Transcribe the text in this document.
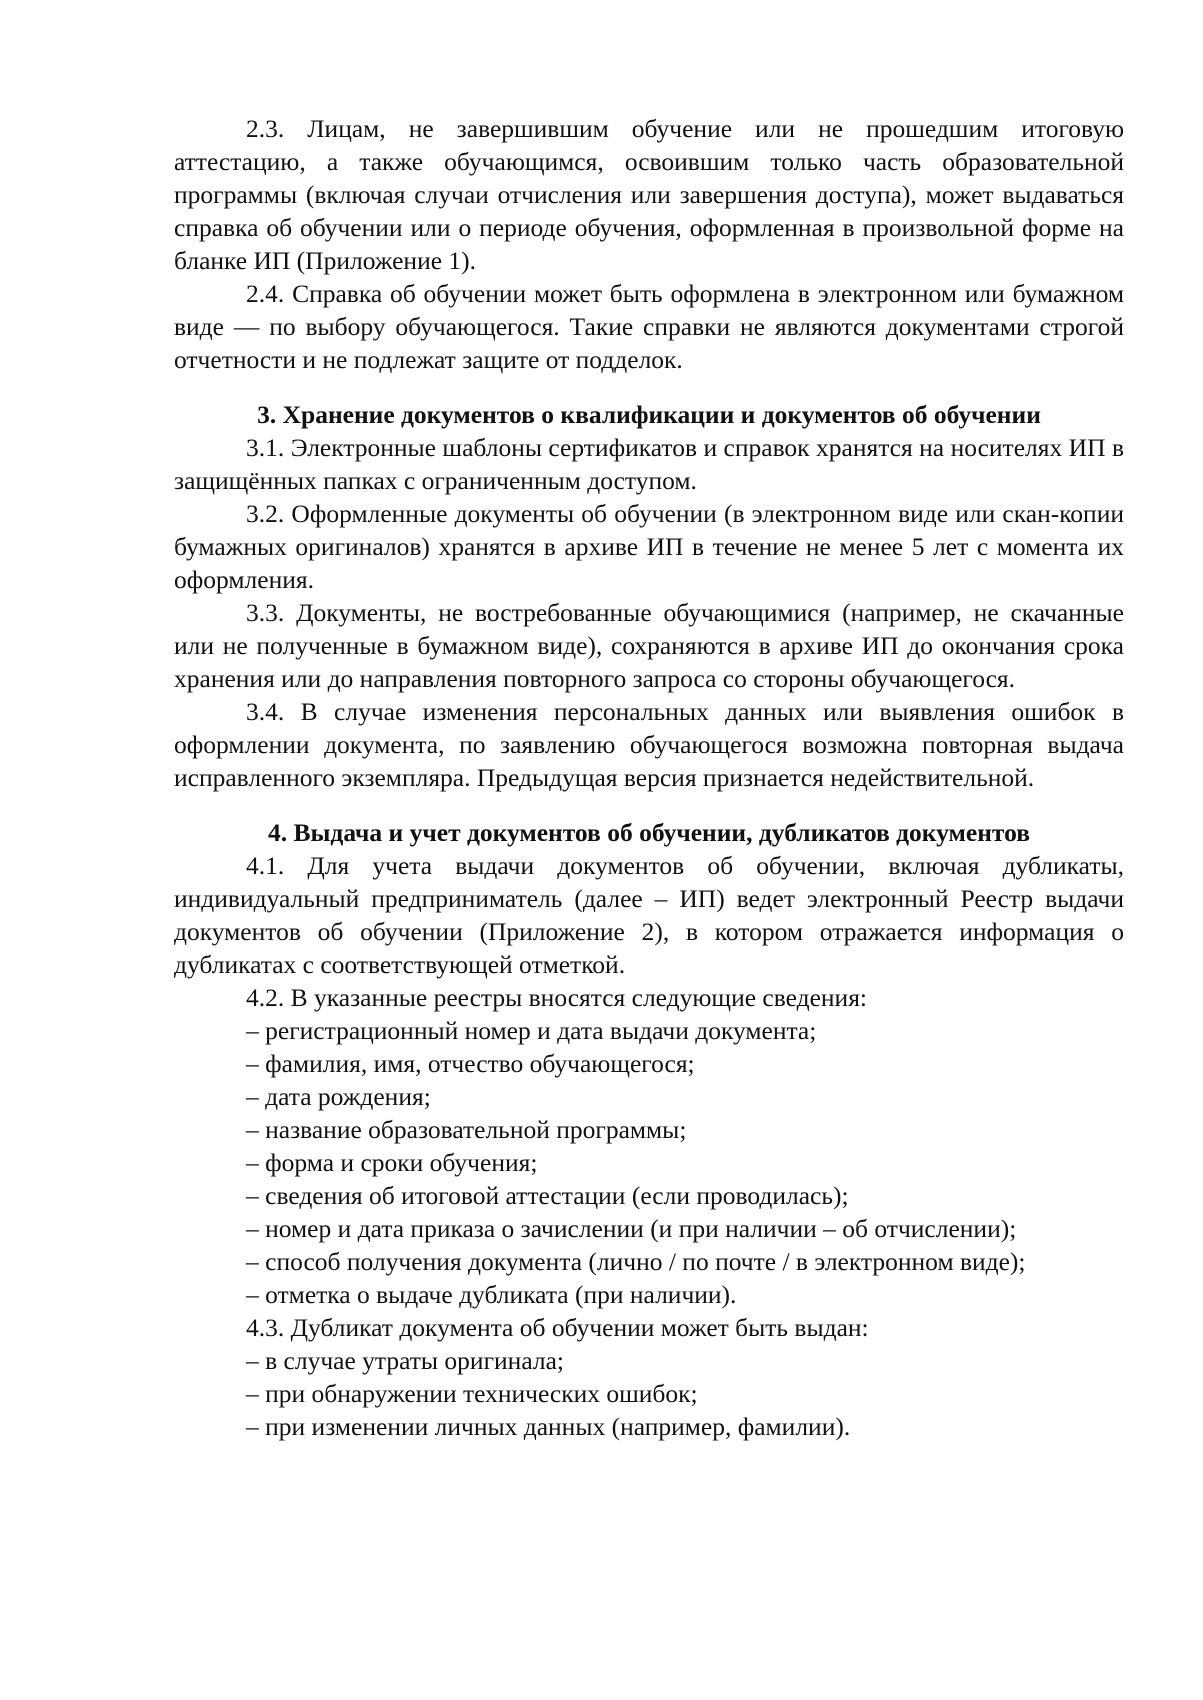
2.3. Лицам, не завершившим обучение или не прошедшим итоговую аттестацию, а также обучающимся, освоившим только часть образовательной программы (включая случаи отчисления или завершения доступа), может выдаваться справка об обучении или о периоде обучения, оформленная в произвольной форме на бланке ИП (Приложение 1).

2.4. Справка об обучении может быть оформлена в электронном или бумажном виде — по выбору обучающегося. Такие справки не являются документами строгой отчетности и не подлежат защите от подделок.

3. Хранение документов о квалификации и документов об обучении

3.1. Электронные шаблоны сертификатов и справок хранятся на носителях ИП в защищённых папках с ограниченным доступом.

3.2. Оформленные документы об обучении (в электронном виде или скан-копии бумажных оригиналов) хранятся в архиве ИП в течение не менее 5 лет с момента их оформления.

3.3. Документы, не востребованные обучающимися (например, не скачанные или не полученные в бумажном виде), сохраняются в архиве ИП до окончания срока хранения или до направления повторного запроса со стороны обучающегося.

3.4. В случае изменения персональных данных или выявления ошибок в оформлении документа, по заявлению обучающегося возможна повторная выдача исправленного экземпляра. Предыдущая версия признается недействительной.

4. Выдача и учет документов об обучении, дубликатов документов

4.1. Для учета выдачи документов об обучении, включая дубликаты, индивидуальный предприниматель (далее – ИП) ведет электронный Реестр выдачи документов об обучении (Приложение 2), в котором отражается информация о дубликатах с соответствующей отметкой.

4.2. В указанные реестры вносятся следующие сведения:

– регистрационный номер и дата выдачи документа;

– фамилия, имя, отчество обучающегося;

– дата рождения;

– название образовательной программы;

– форма и сроки обучения;

– сведения об итоговой аттестации (если проводилась);

– номер и дата приказа о зачислении (и при наличии – об отчислении);

– способ получения документа (лично / по почте / в электронном виде);

– отметка о выдаче дубликата (при наличии).

4.3. Дубликат документа об обучении может быть выдан:

– в случае утраты оригинала;

– при обнаружении технических ошибок;

– при изменении личных данных (например, фамилии).
